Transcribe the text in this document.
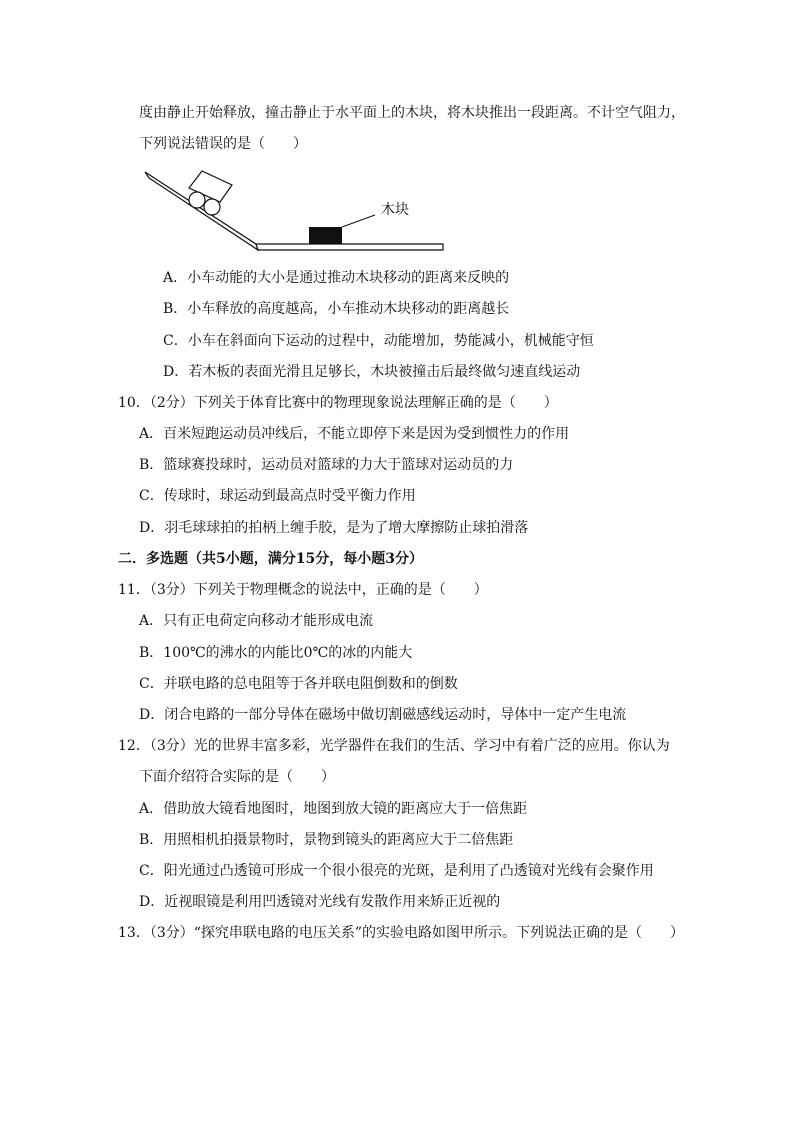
度由静止开始释放，撞击静止于水平面上的木块，将木块推出一段距离。不计空气阻力，
下列说法错误的是（　　）
木块
A．小车动能的大小是通过推动木块移动的距离来反映的
B．小车释放的高度越高，小车推动木块移动的距离越长
C．小车在斜面向下运动的过程中，动能增加，势能减小，机械能守恒
D．若木板的表面光滑且足够长，木块被撞击后最终做匀速直线运动
10．（2分）下列关于体育比赛中的物理现象说法理解正确的是（　　）
A．百米短跑运动员冲线后，不能立即停下来是因为受到惯性力的作用
B．篮球赛投球时，运动员对篮球的力大于篮球对运动员的力
C．传球时，球运动到最高点时受平衡力作用
D．羽毛球球拍的拍柄上缠手胶，是为了增大摩擦防止球拍滑落
二．多选题（共5小题，满分15分，每小题3分）
11．（3分）下列关于物理概念的说法中，正确的是（　　）
A．只有正电荷定向移动才能形成电流
B．100℃的沸水的内能比0℃的冰的内能大
C．并联电路的总电阻等于各并联电阻倒数和的倒数
D．闭合电路的一部分导体在磁场中做切割磁感线运动时，导体中一定产生电流
12．（3分）光的世界丰富多彩，光学器件在我们的生活、学习中有着广泛的应用。你认为
下面介绍符合实际的是（　　）
A．借助放大镜看地图时，地图到放大镜的距离应大于一倍焦距
B．用照相机拍摄景物时，景物到镜头的距离应大于二倍焦距
C．阳光通过凸透镜可形成一个很小很亮的光斑，是利用了凸透镜对光线有会聚作用
D．近视眼镜是利用凹透镜对光线有发散作用来矫正近视的
13．（3分）“探究串联电路的电压关系”的实验电路如图甲所示。下列说法正确的是（　　）
